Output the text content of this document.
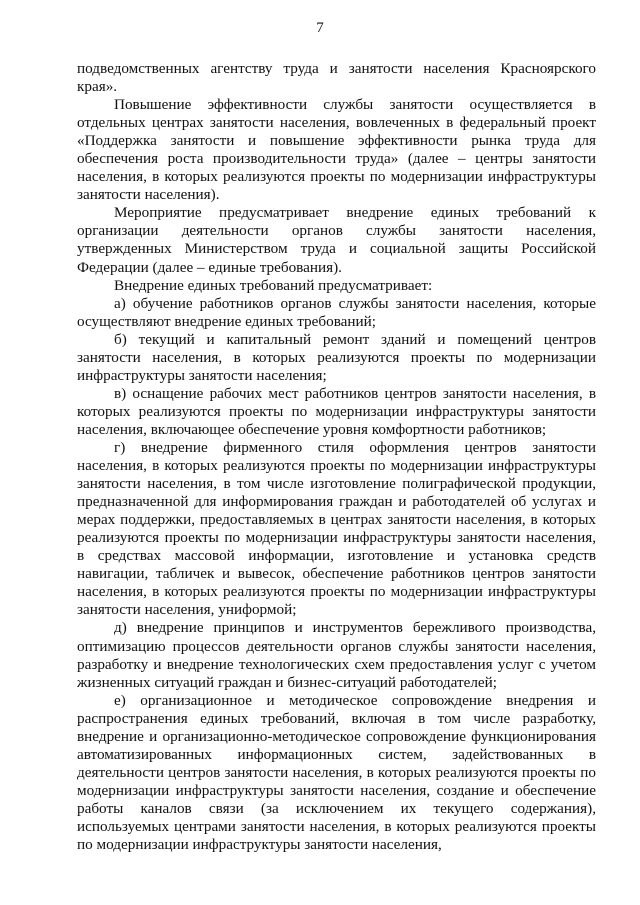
7

подведомственных агентству труда и занятости населения Красноярского края».

Повышение эффективности службы занятости осуществляется в отдельных центрах занятости населения, вовлеченных в федеральный проект «Поддержка занятости и повышение эффективности рынка труда для обеспечения роста производительности труда» (далее – центры занятости населения, в которых реализуются проекты по модернизации инфраструктуры занятости населения).

Мероприятие предусматривает внедрение единых требований к организации деятельности органов службы занятости населения, утвержденных Министерством труда и социальной защиты Российской Федерации (далее – единые требования).

Внедрение единых требований предусматривает:

а) обучение работников органов службы занятости населения, которые осуществляют внедрение единых требований;

б) текущий и капитальный ремонт зданий и помещений центров занятости населения, в которых реализуются проекты по модернизации инфраструктуры занятости населения;

в) оснащение рабочих мест работников центров занятости населения, в которых реализуются проекты по модернизации инфраструктуры занятости населения, включающее обеспечение уровня комфортности работников;

г) внедрение фирменного стиля оформления центров занятости населения, в которых реализуются проекты по модернизации инфраструктуры занятости населения, в том числе изготовление полиграфической продукции, предназначенной для информирования граждан и работодателей об услугах и мерах поддержки, предоставляемых в центрах занятости населения, в которых реализуются проекты по модернизации инфраструктуры занятости населения, в средствах массовой информации, изготовление и установка средств навигации, табличек и вывесок, обеспечение работников центров занятости населения, в которых реализуются проекты по модернизации инфраструктуры занятости населения, униформой;

д) внедрение принципов и инструментов бережливого производства, оптимизацию процессов деятельности органов службы занятости населения, разработку и внедрение технологических схем предоставления услуг с учетом жизненных ситуаций граждан и бизнес-ситуаций работодателей;

е) организационное и методическое сопровождение внедрения и распространения единых требований, включая в том числе разработку, внедрение и организационно-методическое сопровождение функционирования автоматизированных информационных систем, задействованных в деятельности центров занятости населения, в которых реализуются проекты по модернизации инфраструктуры занятости населения, создание и обеспечение работы каналов связи (за исключением их текущего содержания), используемых центрами занятости населения, в которых реализуются проекты по модернизации инфраструктуры занятости населения,
